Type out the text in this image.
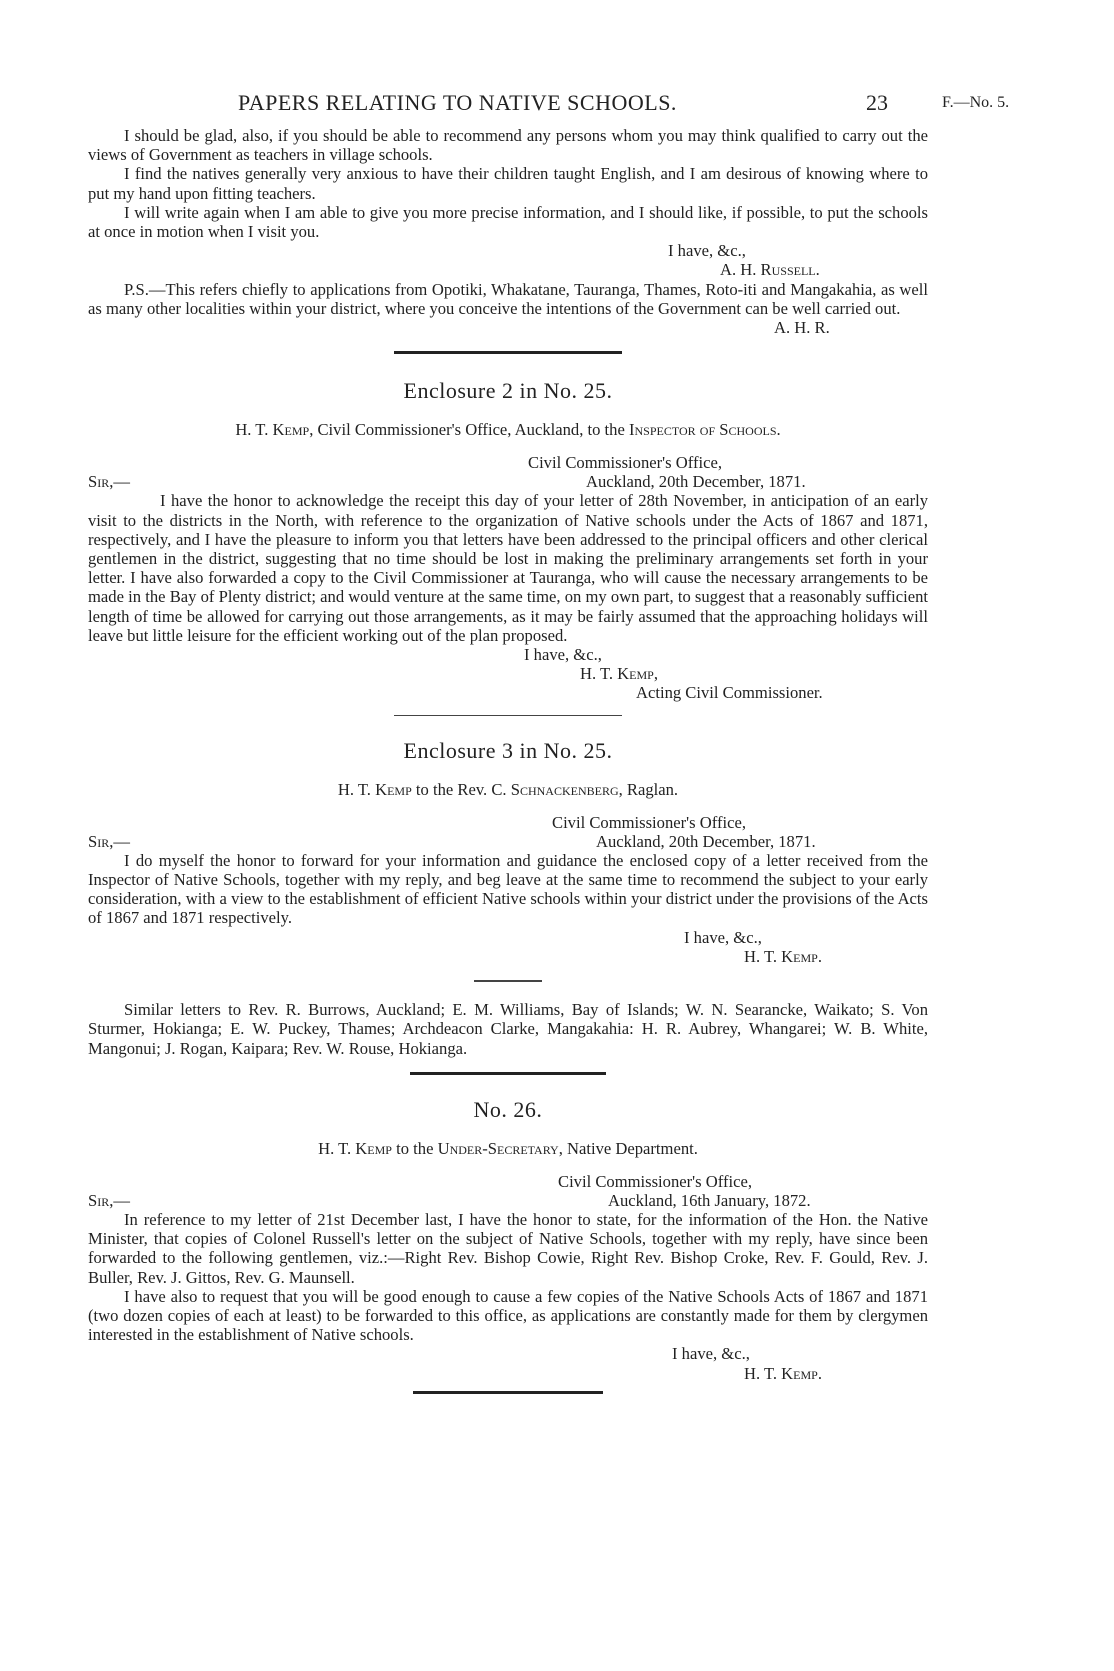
PAPERS RELATING TO NATIVE SCHOOLS.	23	F.—No. 5.

I should be glad, also, if you should be able to recommend any persons whom you may think qualified to carry out the views of Government as teachers in village schools.

I find the natives generally very anxious to have their children taught English, and I am desirous of knowing where to put my hand upon fitting teachers.

I will write again when I am able to give you more precise information, and I should like, if possible, to put the schools at once in motion when I visit you.

I have, &c.,

A. H. Russell.

P.S.—This refers chiefly to applications from Opotiki, Whakatane, Tauranga, Thames, Roto-iti and Mangakahia, as well as many other localities within your district, where you conceive the intentions of the Government can be well carried out.

A. H. R.

Enclosure 2 in No. 25.

H. T. Kemp, Civil Commissioner's Office, Auckland, to the Inspector of Schools.

Civil Commissioner's Office,
Sir,—	Auckland, 20th December, 1871.

I have the honor to acknowledge the receipt this day of your letter of 28th November, in anticipation of an early visit to the districts in the North, with reference to the organization of Native schools under the Acts of 1867 and 1871, respectively, and I have the pleasure to inform you that letters have been addressed to the principal officers and other clerical gentlemen in the district, suggesting that no time should be lost in making the preliminary arrangements set forth in your letter. I have also forwarded a copy to the Civil Commissioner at Tauranga, who will cause the necessary arrangements to be made in the Bay of Plenty district; and would venture at the same time, on my own part, to suggest that a reasonably sufficient length of time be allowed for carrying out those arrangements, as it may be fairly assumed that the approaching holidays will leave but little leisure for the efficient working out of the plan proposed.

I have, &c.,

H. T. Kemp,

Acting Civil Commissioner.

Enclosure 3 in No. 25.

H. T. Kemp to the Rev. C. Schnackenberg, Raglan.

Civil Commissioner's Office,
Sir,—	Auckland, 20th December, 1871.

I do myself the honor to forward for your information and guidance the enclosed copy of a letter received from the Inspector of Native Schools, together with my reply, and beg leave at the same time to recommend the subject to your early consideration, with a view to the establishment of efficient Native schools within your district under the provisions of the Acts of 1867 and 1871 respectively.

I have, &c.,

H. T. Kemp.

Similar letters to Rev. R. Burrows, Auckland; E. M. Williams, Bay of Islands; W. N. Searancke, Waikato; S. Von Sturmer, Hokianga; E. W. Puckey, Thames; Archdeacon Clarke, Mangakahia: H. R. Aubrey, Whangarei; W. B. White, Mangonui; J. Rogan, Kaipara; Rev. W. Rouse, Hokianga.

No. 26.

H. T. Kemp to the Under-Secretary, Native Department.

Civil Commissioner's Office,
Sir,—	Auckland, 16th January, 1872.

In reference to my letter of 21st December last, I have the honor to state, for the information of the Hon. the Native Minister, that copies of Colonel Russell's letter on the subject of Native Schools, together with my reply, have since been forwarded to the following gentlemen, viz.:—Right Rev. Bishop Cowie, Right Rev. Bishop Croke, Rev. F. Gould, Rev. J. Buller, Rev. J. Gittos, Rev. G. Maunsell.

I have also to request that you will be good enough to cause a few copies of the Native Schools Acts of 1867 and 1871 (two dozen copies of each at least) to be forwarded to this office, as applications are constantly made for them by clergymen interested in the establishment of Native schools.

I have, &c.,

H. T. Kemp.
